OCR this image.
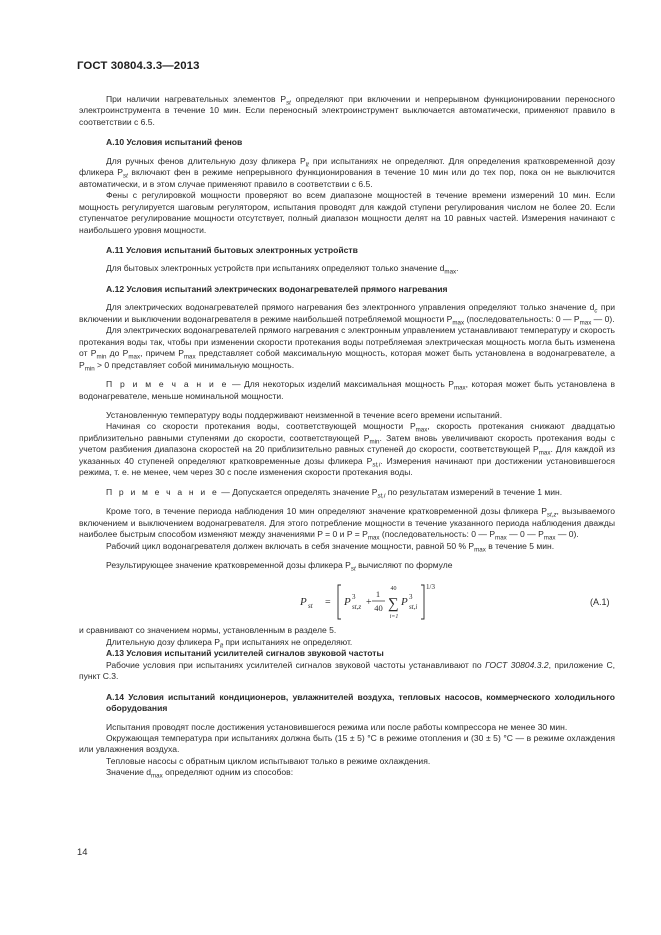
ГОСТ 30804.3.3—2013

При наличии нагревательных элементов $P_{st}$ определяют при включении и непрерывном функционировании переносного электроинструмента в течение 10 мин. Если переносный электроинструмент выключается автоматически, применяют правило в соответствии с 6.5.

А.10 Условия испытаний фенов

Для ручных фенов длительную дозу фликера $P_{lt}$ при испытаниях не определяют. Для определения кратковременной дозу фликера $P_{st}$ включают фен в режиме непрерывного функционирования в течение 10 мин или до тех пор, пока он не выключится автоматически, и в этом случае применяют правило в соответствии с 6.5.

Фены с регулировкой мощности проверяют во всем диапазоне мощностей в течение времени измерений 10 мин. Если мощность регулируется шаговым регулятором, испытания проводят для каждой ступени регулирования числом не более 20. Если ступенчатое регулирование мощности отсутствует, полный диапазон мощности делят на 10 равных частей. Измерения начинают с наибольшего уровня мощности.

А.11 Условия испытаний бытовых электронных устройств

Для бытовых электронных устройств при испытаниях определяют только значение $d_{max}$.

А.12 Условия испытаний электрических водонагревателей прямого нагревания

Для электрических водонагревателей прямого нагревания без электронного управления определяют только значение $d_c$ при включении и выключении водонагревателя в режиме наибольшей потребляемой мощности $P_{max}$ (последовательность: 0 — $P_{max}$ — 0).

Для электрических водонагревателей прямого нагревания с электронным управлением устанавливают температуру и скорость протекания воды так, чтобы при изменении скорости протекания воды потребляемая электрическая мощность могла быть изменена от $P_{min}$ до $P_{max}$, причем $P_{max}$ представляет собой максимальную мощность, которая может быть установлена в водонагревателе, а $P_{min} > 0$ представляет собой минимальную мощность.

П р и м е ч а н и е — Для некоторых изделий максимальная мощность $P_{max}$, которая может быть установлена в водонагревателе, меньше номинальной мощности.

Установленную температуру воды поддерживают неизменной в течение всего времени испытаний.

Начиная со скорости протекания воды, соответствующей мощности $P_{max}$, скорость протекания снижают двадцатью приблизительно равными ступенями до скорости, соответствующей $P_{min}$. Затем вновь увеличивают скорость протекания воды с учетом разбиения диапазона скоростей на 20 приблизительно равных ступеней до скорости, соответствующей $P_{max}$. Для каждой из указанных 40 ступеней определяют кратковременные дозы фликера $P_{st,i}$. Измерения начинают при достижении установившегося режима, т. е. не менее, чем через 30 с после изменения скорости протекания воды.

П р и м е ч а н и е — Допускается определять значение $P_{st,i}$ по результатам измерений в течение 1 мин.

Кроме того, в течение периода наблюдения 10 мин определяют значение кратковременной дозы фликера $P_{st,z}$, вызываемого включением и выключением водонагревателя. Для этого потребление мощности в течение указанного периода наблюдения дважды наиболее быстрым способом изменяют между значениями P = 0 и $P = P_{max}$ (последовательность: 0 — $P_{max}$ — 0 — $P_{max}$ — 0).

Рабочий цикл водонагревателя должен включать в себя значение мощности, равной 50 % $P_{max}$ в течение 5 мин.

Результирующее значение кратковременной дозы фликера $P_{st}$ вычисляют по формуле

P st = P 3
st,z +
1
40
40
∑
i=1
P 3
st,i
1/3
(А.1)

и сравнивают со значением нормы, установленным в разделе 5.

Длительную дозу фликера $P_{lt}$ при испытаниях не определяют.

А.13 Условия испытаний усилителей сигналов звуковой частоты

Рабочие условия при испытаниях усилителей сигналов звуковой частоты устанавливают по ГОСТ 30804.3.2, приложение С, пункт С.3.

А.14 Условия испытаний кондиционеров, увлажнителей воздуха, тепловых насосов, коммерческого холодильного оборудования

Испытания проводят после достижения установившегося режима или после работы компрессора не менее 30 мин.

Окружающая температура при испытаниях должна быть (15 ± 5) °С в режиме отопления и (30 ± 5) °С — в режиме охлаждения или увлажнения воздуха.

Тепловые насосы с обратным циклом испытывают только в режиме охлаждения.

Значение $d_{max}$ определяют одним из способов:

14
